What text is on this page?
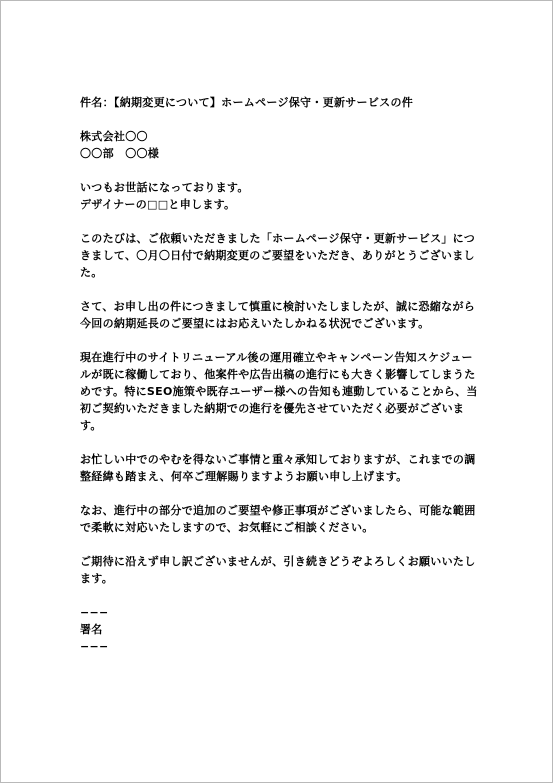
件名：【納期変更について】ホームページ保守・更新サービスの件
株式会社〇〇
〇〇部　〇〇様
いつもお世話になっております。
デザイナーの□□と申します。
このたびは、ご依頼いただきました「ホームページ保守・更新サービス」につ
きまして、〇月〇日付で納期変更のご要望をいただき、ありがとうございまし
た。
さて、お申し出の件につきまして慎重に検討いたしましたが、誠に恐縮ながら
今回の納期延長のご要望にはお応えいたしかねる状況でございます。
現在進行中のサイトリニューアル後の運用確立やキャンペーン告知スケジュー
ルが既に稼働しており、他案件や広告出稿の進行にも大きく影響してしまうた
めです。特にSEO施策や既存ユーザー様への告知も連動していることから、当
初ご契約いただきました納期での進行を優先させていただく必要がございま
す。
お忙しい中でのやむを得ないご事情と重々承知しておりますが、これまでの調
整経緯も踏まえ、何卒ご理解賜りますようお願い申し上げます。
なお、進行中の部分で追加のご要望や修正事項がございましたら、可能な範囲
で柔軟に対応いたしますので、お気軽にご相談ください。
ご期待に沿えず申し訳ございませんが、引き続きどうぞよろしくお願いいたし
ます。
−−−
署名
−−−
